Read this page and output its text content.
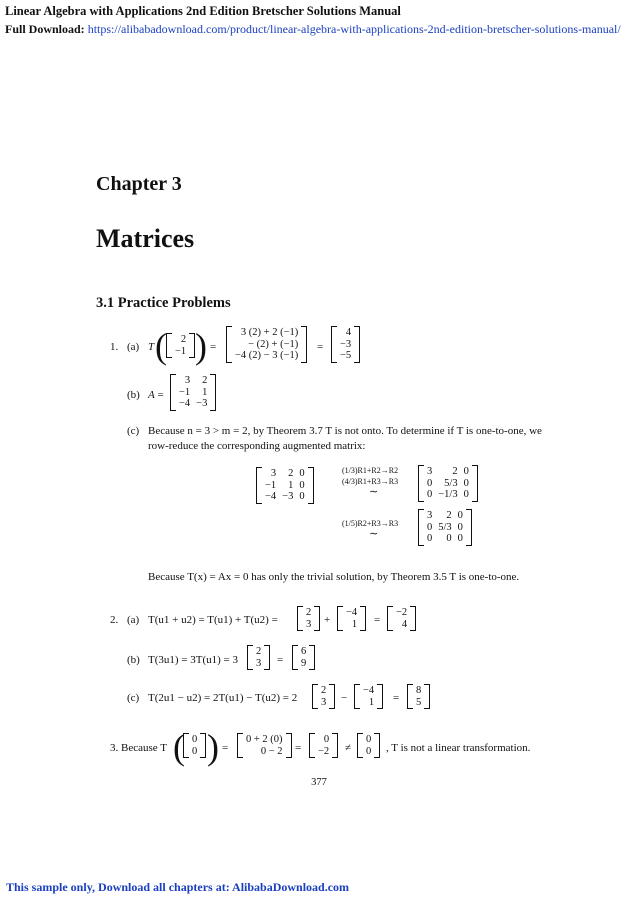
Linear Algebra with Applications 2nd Edition Bretscher Solutions Manual
Full Download: https://alibabadownload.com/product/linear-algebra-with-applications-2nd-edition-bretscher-solutions-manual/
Chapter 3
Matrices
3.1 Practice Problems
1. (a) T ( 2
−1 ) =
3 (2) + 2 (−1)
− (2) + (−1)
−4 (2) − 3 (−1)
=
4
−3
−5
(b) A =
3	2
−1	1
−4	−3
(c) Because n = 3 > m = 2, by Theorem 3.7 T is not onto. To determine if T is one-to-one, we
row-reduce the corresponding augmented matrix:
3	2	0
−1	1	0
−4	−3	0
(1/3)R1+R2→R2
(4/3)R1+R3→R3
∼
3	2	0
0	5/3	0
0	−1/3	0
(1/5)R2+R3→R3
∼
3	2	0
0	5/3	0
0	0	0
Because T(x) = Ax = 0 has only the trivial solution, by Theorem 3.5 T is one-to-one.
2. (a) T(u1 + u2) = T(u1) + T(u2) =
2
3 +
−4
1 =
−2
4
(b) T(3u1) = 3T(u1) = 3
2
3 =
6
9
(c) T(2u1 − u2) = 2T(u1) − T(u2) = 2
2
3 −
−4
1 =
8
5
3. Because T ( 0
0 ) =
0 + 2 (0)
0 − 2 =
0
−2 ≠
0
0 , T is not a linear transformation.
377
This sample only, Download all chapters at: AlibabaDownload.com
